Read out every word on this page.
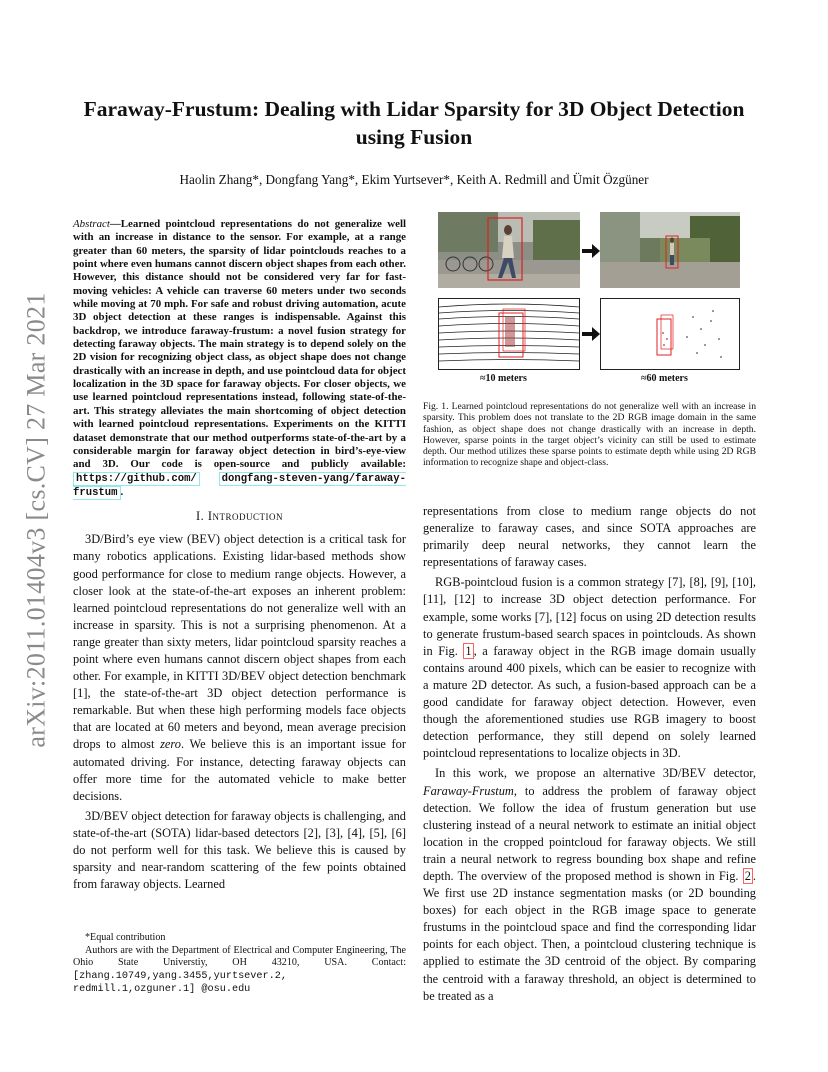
arXiv:2011.01404v3 [cs.CV] 27 Mar 2021
Faraway-Frustum: Dealing with Lidar Sparsity for 3D Object Detection
using Fusion
Haolin Zhang*, Dongfang Yang*, Ekim Yurtsever*, Keith A. Redmill and Ümit Özgüner
Abstract—Learned pointcloud representations do not generalize well with an increase in distance to the sensor. For example, at a range greater than 60 meters, the sparsity of lidar pointclouds reaches to a point where even humans cannot discern object shapes from each other. However, this distance should not be considered very far for fast-moving vehicles: A vehicle can traverse 60 meters under two seconds while moving at 70 mph. For safe and robust driving automation, acute 3D object detection at these ranges is indispensable. Against this backdrop, we introduce faraway-frustum: a novel fusion strategy for detecting faraway objects. The main strategy is to depend solely on the 2D vision for recognizing object class, as object shape does not change drastically with an increase in depth, and use pointcloud data for object localization in the 3D space for faraway objects. For closer objects, we use learned pointcloud representations instead, following state-of-the-art. This strategy alleviates the main shortcoming of object detection with learned pointcloud representations. Experiments on the KITTI dataset demonstrate that our method outperforms state-of-the-art by a considerable margin for faraway object detection in bird’s-eye-view and 3D. Our code is open-source and publicly available: https://github.com/ dongfang-steven-yang/faraway-frustum .
I. Introduction

3D/Bird’s eye view (BEV) object detection is a critical task for many robotics applications. Existing lidar-based methods show good performance for close to medium range objects. However, a closer look at the state-of-the-art exposes an inherent problem: learned pointcloud representations do not generalize well with an increase in sparsity. This is not a surprising phenomenon. At a range greater than sixty meters, lidar pointcloud sparsity reaches a point where even humans cannot discern object shapes from each other. For example, in KITTI 3D/BEV object detection benchmark [1], the state-of-the-art 3D object detection performance is remarkable. But when these high performing models face objects that are located at 60 meters and beyond, mean average precision drops to almost zero. We believe this is an important issue for automated driving. For instance, detecting faraway objects can offer more time for the automated vehicle to make better decisions.

3D/BEV object detection for faraway objects is challenging, and state-of-the-art (SOTA) lidar-based detectors [2], [3], [4], [5], [6] do not perform well for this task. We believe this is caused by sparsity and near-random scattering of the few points obtained from faraway objects. Learned

*Equal contribution
Authors are with the Department of Electrical and Computer Engineering, The Ohio State Universtiy, OH 43210, USA. Contact: [zhang.10749,yang.3455,yurtsever.2, redmill.1,ozguner.1] @osu.edu
≈10 meters	≈60 meters
Fig. 1. Learned pointcloud representations do not generalize well with an increase in sparsity. This problem does not translate to the 2D RGB image domain in the same fashion, as object shape does not change drastically with an increase in depth. However, sparse points in the target object’s vicinity can still be used to estimate depth. Our method utilizes these sparse points to estimate depth while using 2D RGB information to recognize shape and object-class.

representations from close to medium range objects do not generalize to faraway cases, and since SOTA approaches are primarily deep neural networks, they cannot learn the representations of faraway cases.

RGB-pointcloud fusion is a common strategy [7], [8], [9], [10], [11], [12] to increase 3D object detection performance. For example, some works [7], [12] focus on using 2D detection results to generate frustum-based search spaces in pointclouds. As shown in Fig. 1 , a faraway object in the RGB image domain usually contains around 400 pixels, which can be easier to recognize with a mature 2D detector. As such, a fusion-based approach can be a good candidate for faraway object detection. However, even though the aforementioned studies use RGB imagery to boost detection performance, they still depend on solely learned pointcloud representations to localize objects in 3D.

In this work, we propose an alternative 3D/BEV detector, Faraway-Frustum, to address the problem of faraway object detection. We follow the idea of frustum generation but use clustering instead of a neural network to estimate an initial object location in the cropped pointcloud for faraway objects. We still train a neural network to regress bounding box shape and refine depth. The overview of the proposed method is shown in Fig. 2 . We first use 2D instance segmentation masks (or 2D bounding boxes) for each object in the RGB image space to generate frustums in the pointcloud space and find the corresponding lidar points for each object. Then, a pointcloud clustering technique is applied to estimate the 3D centroid of the object. By comparing the centroid with a faraway threshold, an object is determined to be treated as a
